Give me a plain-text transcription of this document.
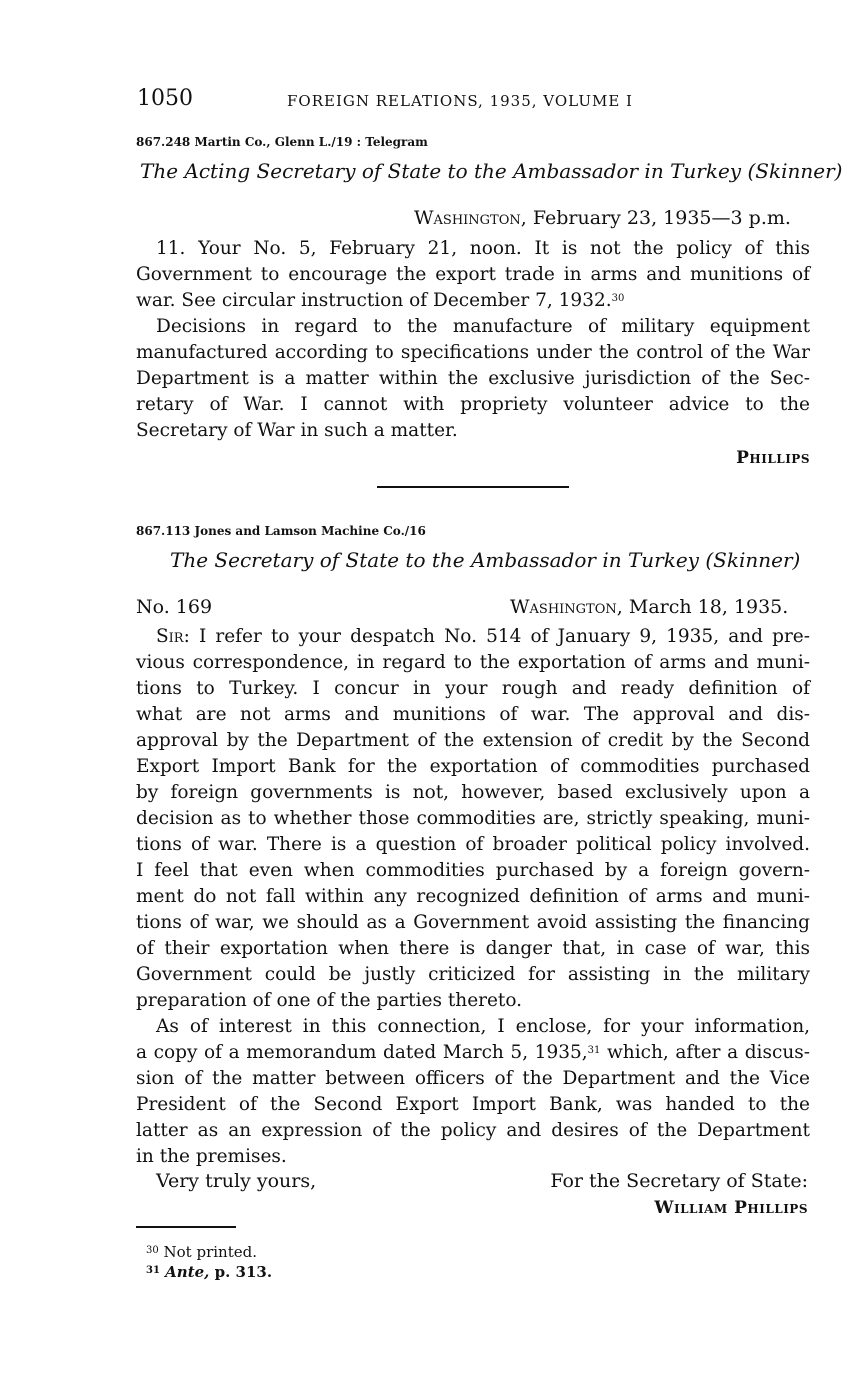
1050	FOREIGN RELATIONS, 1935, VOLUME I
867.248 Martin Co., Glenn L./19 : Telegram
The Acting Secretary of State to the Ambassador in Turkey (Skinner)
Washington, February 23, 1935—3 p.m.
11. Your No. 5, February 21, noon. It is not the policy of this
Government to encourage the export trade in arms and munitions of
war. See circular instruction of December 7, 1932.30
Decisions in regard to the manufacture of military equipment
manufactured according to specifications under the control of the War
Department is a matter within the exclusive jurisdiction of the Sec-
retary of War. I cannot with propriety volunteer advice to the
Secretary of War in such a matter.
Phillips
867.113 Jones and Lamson Machine Co./16
The Secretary of State to the Ambassador in Turkey (Skinner)
No. 169	Washington, March 18, 1935.
Sir: I refer to your despatch No. 514 of January 9, 1935, and pre-
vious correspondence, in regard to the exportation of arms and muni-
tions to Turkey. I concur in your rough and ready definition of
what are not arms and munitions of war. The approval and dis-
approval by the Department of the extension of credit by the Second
Export Import Bank for the exportation of commodities purchased
by foreign governments is not, however, based exclusively upon a
decision as to whether those commodities are, strictly speaking, muni-
tions of war. There is a question of broader political policy involved.
I feel that even when commodities purchased by a foreign govern-
ment do not fall within any recognized definition of arms and muni-
tions of war, we should as a Government avoid assisting the financing
of their exportation when there is danger that, in case of war, this
Government could be justly criticized for assisting in the military
preparation of one of the parties thereto.
As of interest in this connection, I enclose, for your information,
a copy of a memorandum dated March 5, 1935,31 which, after a discus-
sion of the matter between officers of the Department and the Vice
President of the Second Export Import Bank, was handed to the
latter as an expression of the policy and desires of the Department
in the premises.
Very truly yours,	For the Secretary of State:
William Phillips
$^{30}$ Not printed.
$^{31}$ Ante, p. 313.
